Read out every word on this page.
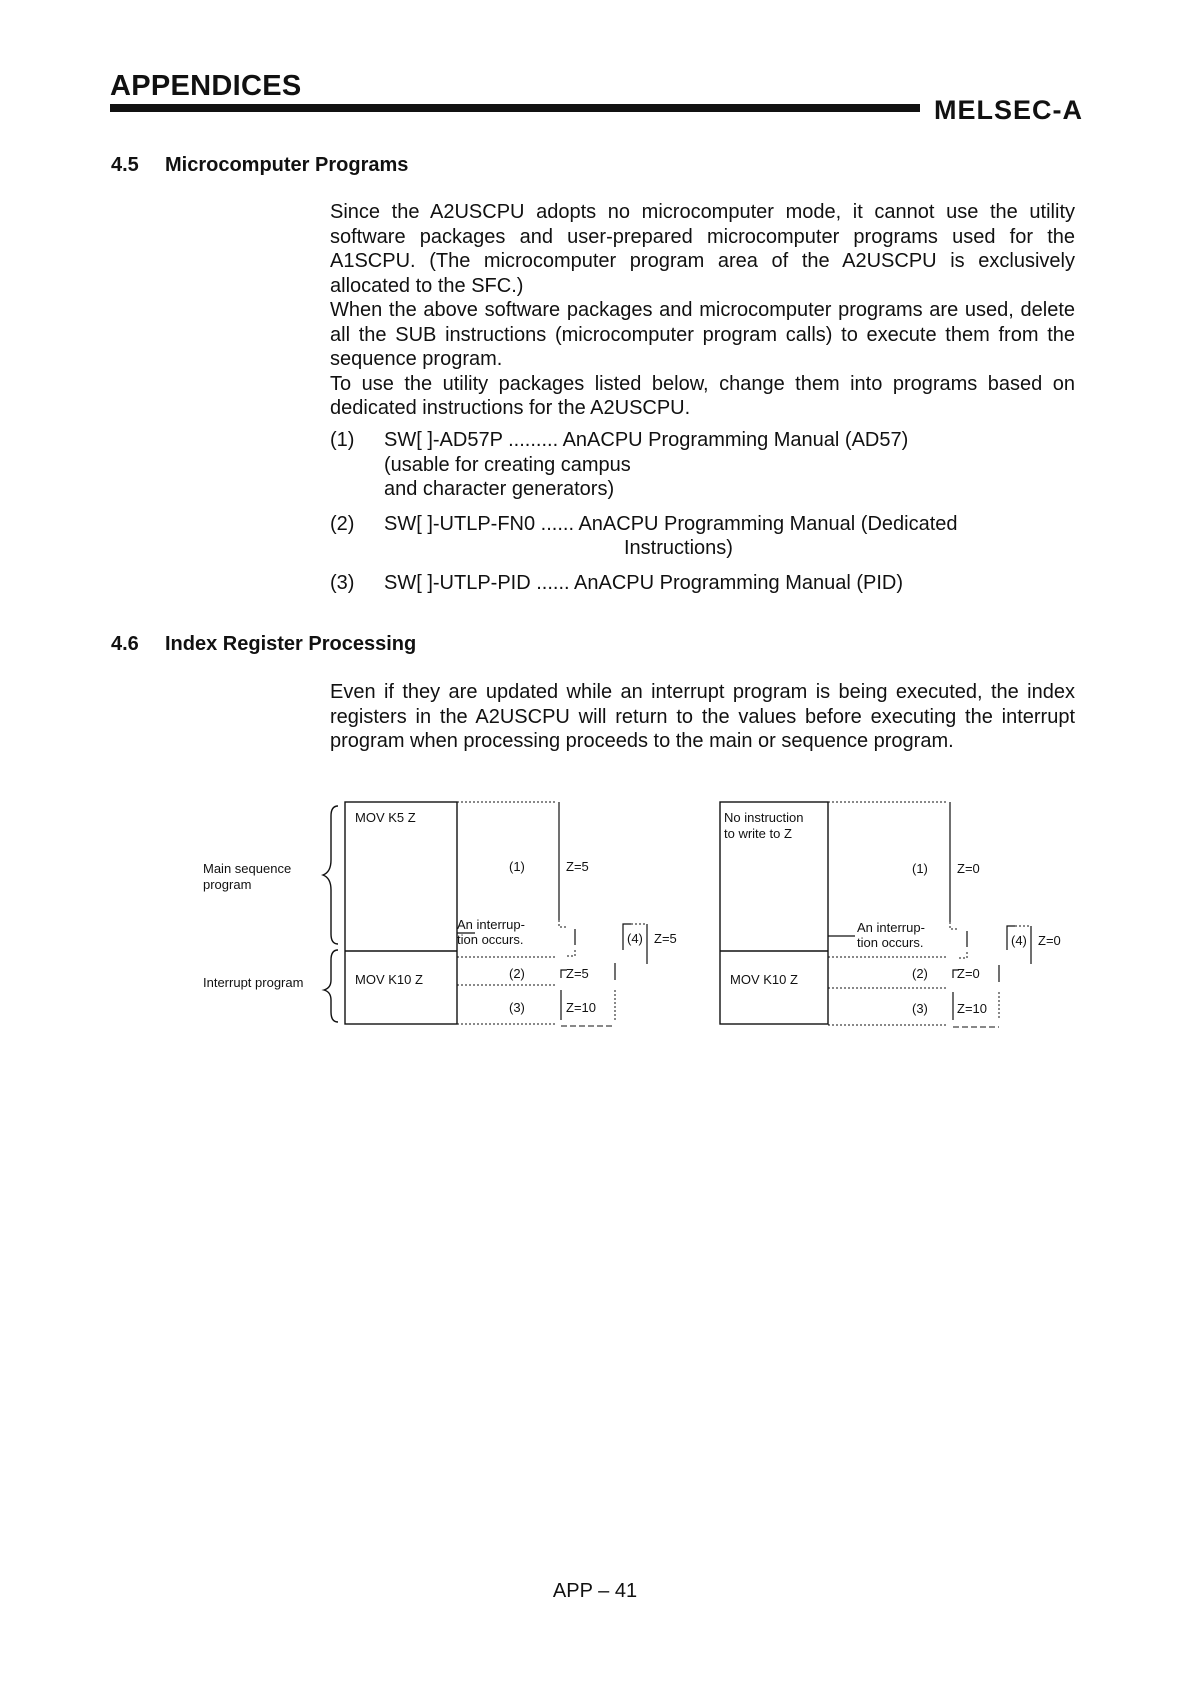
APPENDICES
MELSEC-A
4.5 Microcomputer Programs

Since the A2USCPU adopts no microcomputer mode, it cannot use the utility software packages and user-prepared microcomputer programs used for the A1SCPU. (The microcomputer program area of the A2USCPU is exclusively allocated to the SFC.)

When the above software packages and microcomputer programs are used, delete all the SUB instructions (microcomputer program calls) to execute them from the sequence program.

To use the utility packages listed below, change them into programs based on dedicated instructions for the A2USCPU.

(1) SW[ ]-AD57P ......... AnACPU Programming Manual (AD57)
(usable for creating campus
and character generators)
(2) SW[ ]-UTLP-FN0 ...... AnACPU Programming Manual (Dedicated
Instructions)
(3) SW[ ]-UTLP-PID ...... AnACPU Programming Manual (PID)
4.6 Index Register Processing

Even if they are updated while an interrupt program is being executed, the index registers in the A2USCPU will return to the values before executing the interrupt program when processing proceeds to the main or sequence program.

Main sequence
program
Interrupt program
MOV K5 Z
MOV K10 Z
An interrup-
tion occurs.
(1)
(2)
(3)
Z=5
Z=5
Z=10
(4) Z=5
No instruction
to write to Z
MOV K10 Z
An interrup-
tion occurs.
(1)
(2)
(3)
Z=0
Z=0
Z=10
(4) Z=0
APP – 41
